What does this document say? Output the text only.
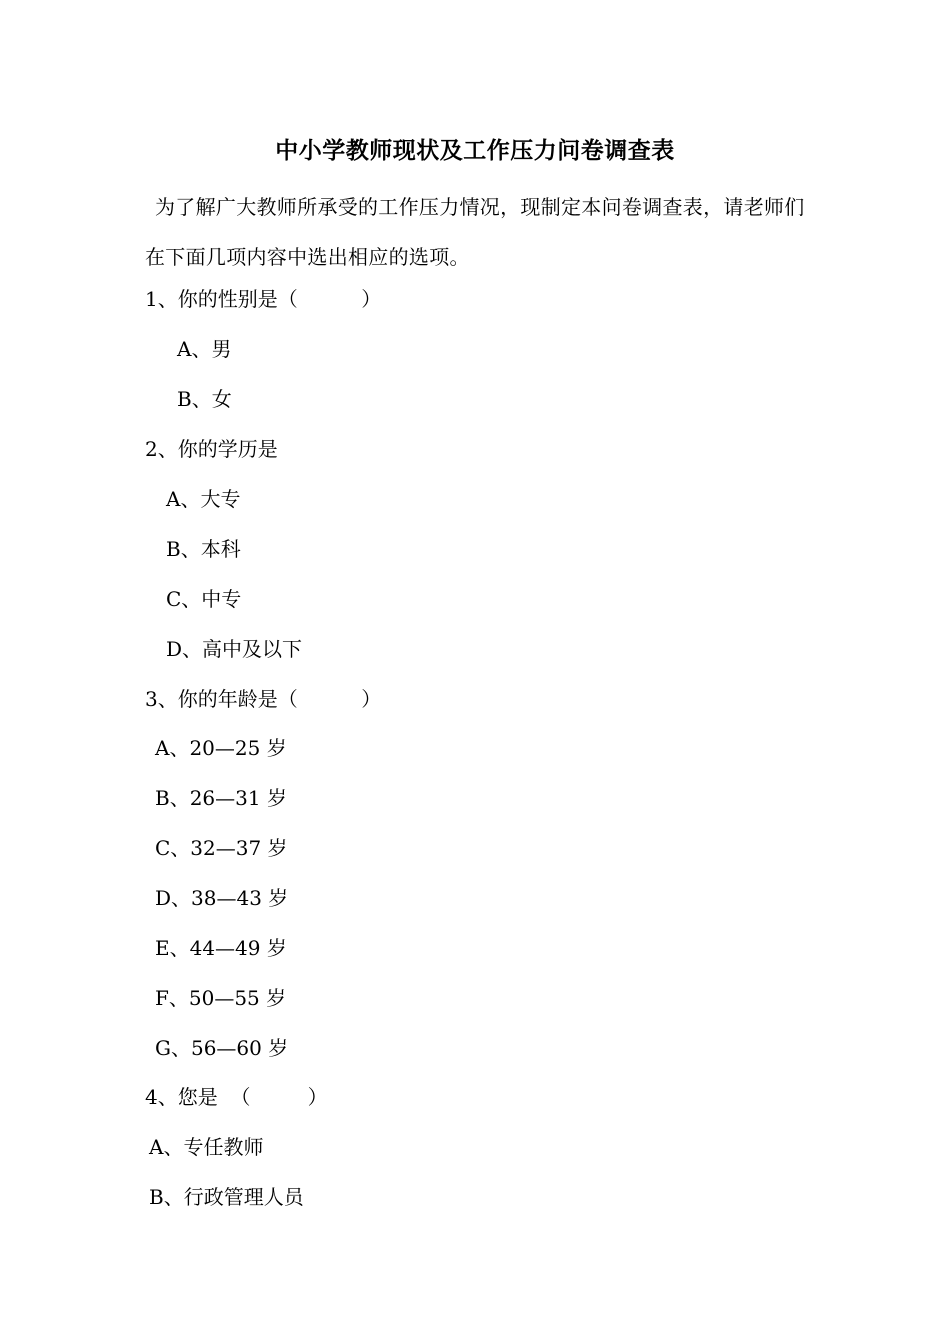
中小学教师现状及工作压力问卷调查表
为了解广大教师所承受的工作压力情况，现制定本问卷调查表，请老师们在下面几项内容中选出相应的选项。
1、你的性别是（          ）
A、男
B、女
2、你的学历是
A、大专
B、本科
C、中专
D、高中及以下
3、你的年龄是（          ）
A、20—25 岁
B、26—31 岁
C、32—37 岁
D、38—43 岁
E、44—49 岁
F、50—55 岁
G、56—60 岁
4、您是  （         ）
A、专任教师
B、行政管理人员
